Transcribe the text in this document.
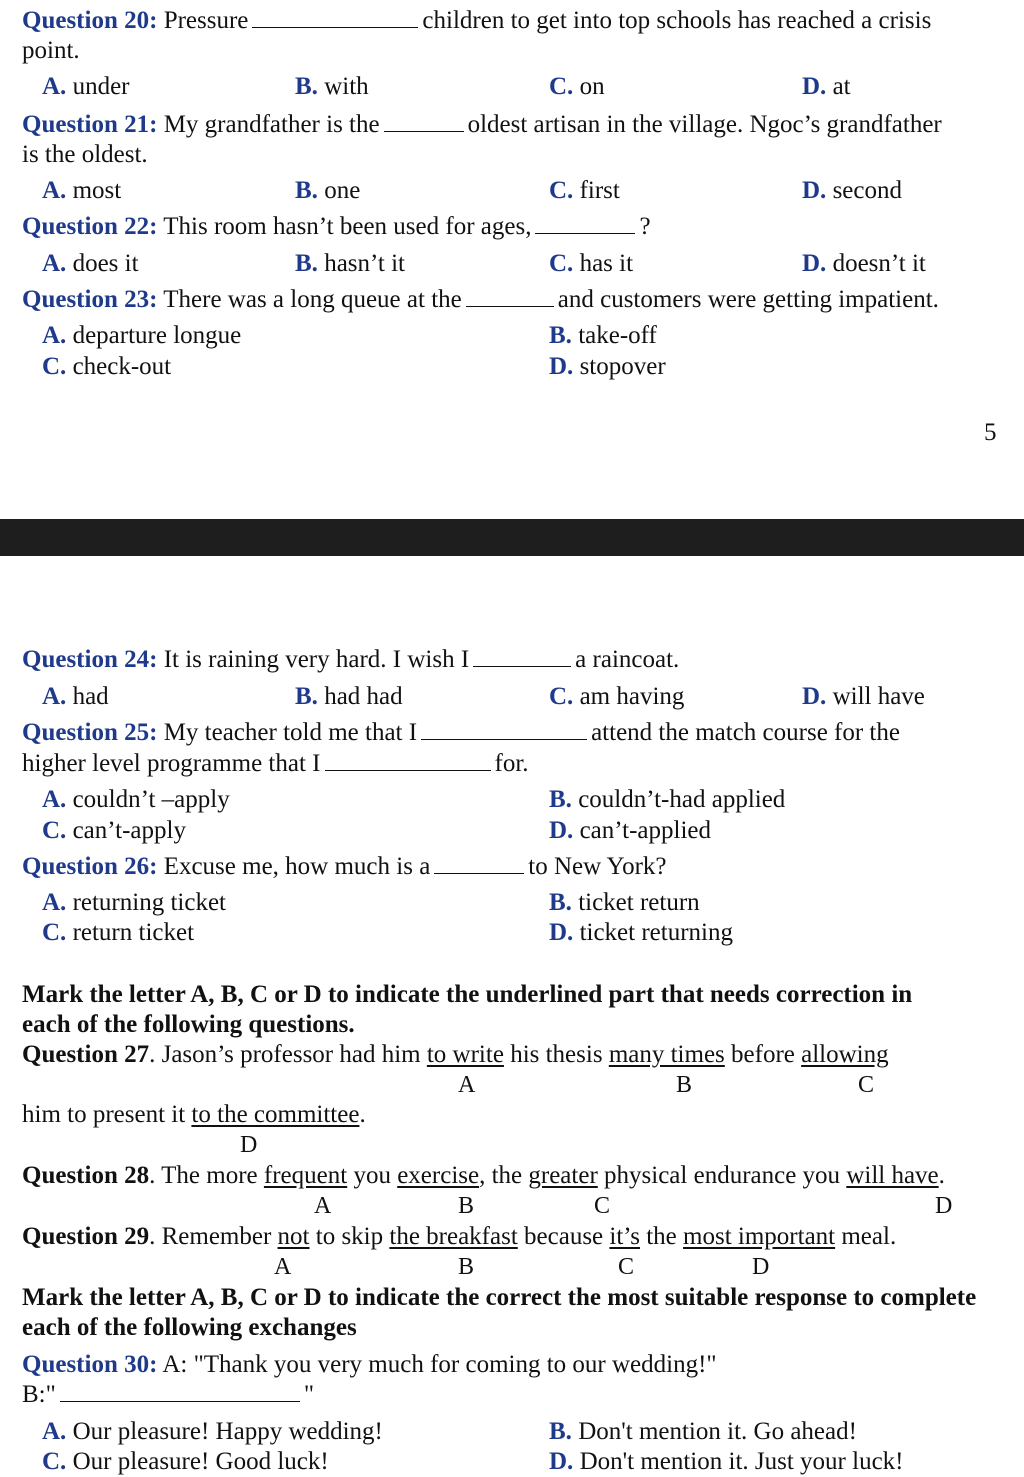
Question 20: Pressure	children to get into top schools has reached a crisis
point.
A. under	B. with	C. on	D. at
Question 21: My grandfather is the	oldest artisan in the village. Ngoc’s grandfather
is the oldest.
A. most	B. one	C. first	D. second
Question 22: This room hasn’t been used for ages,	?
A. does it	B. hasn’t it	C. has it	D. doesn’t it
Question 23: There was a long queue at the	and customers were getting impatient.
A. departure longue	B. take-off
C. check-out	D. stopover
5
Question 24: It is raining very hard. I wish I	a raincoat.
A. had	B. had had	C. am having	D. will have
Question 25: My teacher told me that I	attend the match course for the
higher level programme that I	for.
A. couldn’t –apply	B. couldn’t-had applied
C. can’t-apply	D. can’t-applied
Question 26: Excuse me, how much is a	to New York?
A. returning ticket	B. ticket return
C. return ticket	D. ticket returning
Mark the letter A, B, C or D to indicate the underlined part that needs correction in
each of the following questions.
Question 27. Jason’s professor had him to write his thesis many times before allowing
A	B	C
him to present it to the committee.
D
Question 28. The more frequent you exercise, the greater physical endurance you will have.
A	B	C	D
Question 29. Remember not to skip the breakfast because it’s the most important meal.
A	B	C	D
Mark the letter A, B, C or D to indicate the correct the most suitable response to complete
each of the following exchanges
Question 30: A: "Thank you very much for coming to our wedding!"
B:"	"
A. Our pleasure! Happy wedding!	B. Don't mention it. Go ahead!
C. Our pleasure! Good luck!	D. Don't mention it. Just your luck!
